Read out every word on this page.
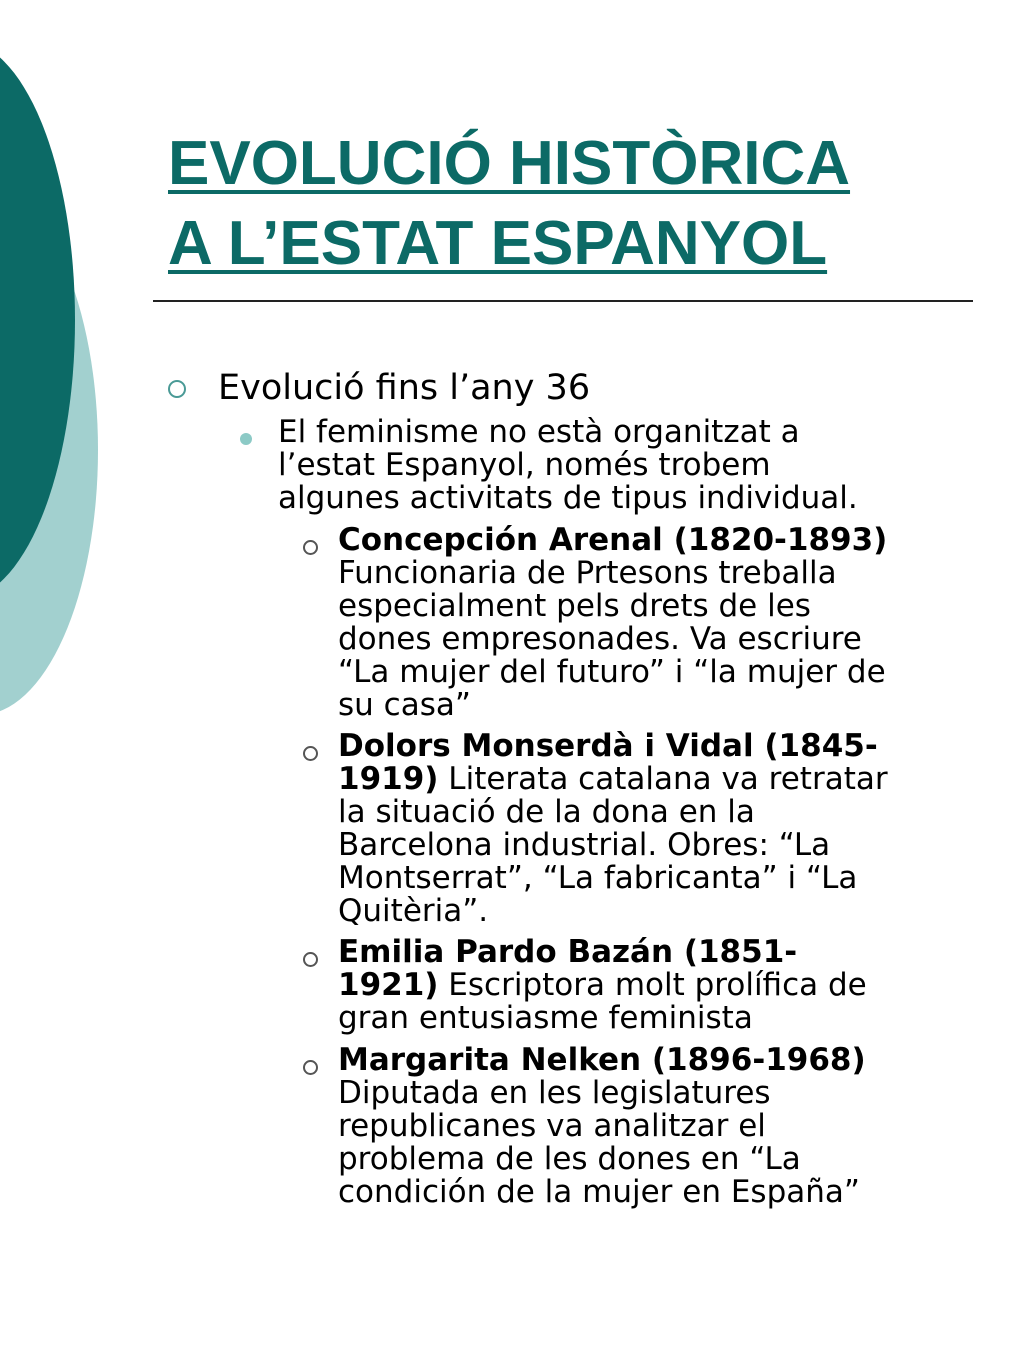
EVOLUCIÓ HISTÒRICA
A L’ESTAT ESPANYOL
Evolució fins l’any 36
El feminisme no està organitzat a
l’estat Espanyol, només trobem
algunes activitats de tipus individual.
Concepción Arenal (1820-1893)
Funcionaria de Prtesons treballa
especialment pels drets de les
dones empresonades. Va escriure
“La mujer del futuro” i “la mujer de
su casa”
Dolors Monserdà i Vidal (1845-
1919) Literata catalana va retratar
la situació de la dona en la
Barcelona industrial. Obres: “La
Montserrat”, “La fabricanta” i “La
Quitèria”.
Emilia Pardo Bazán (1851-
1921) Escriptora molt prolífica de
gran entusiasme feminista
Margarita Nelken (1896-1968)
Diputada en les legislatures
republicanes va analitzar el
problema de les dones en “La
condición de la mujer en España”
